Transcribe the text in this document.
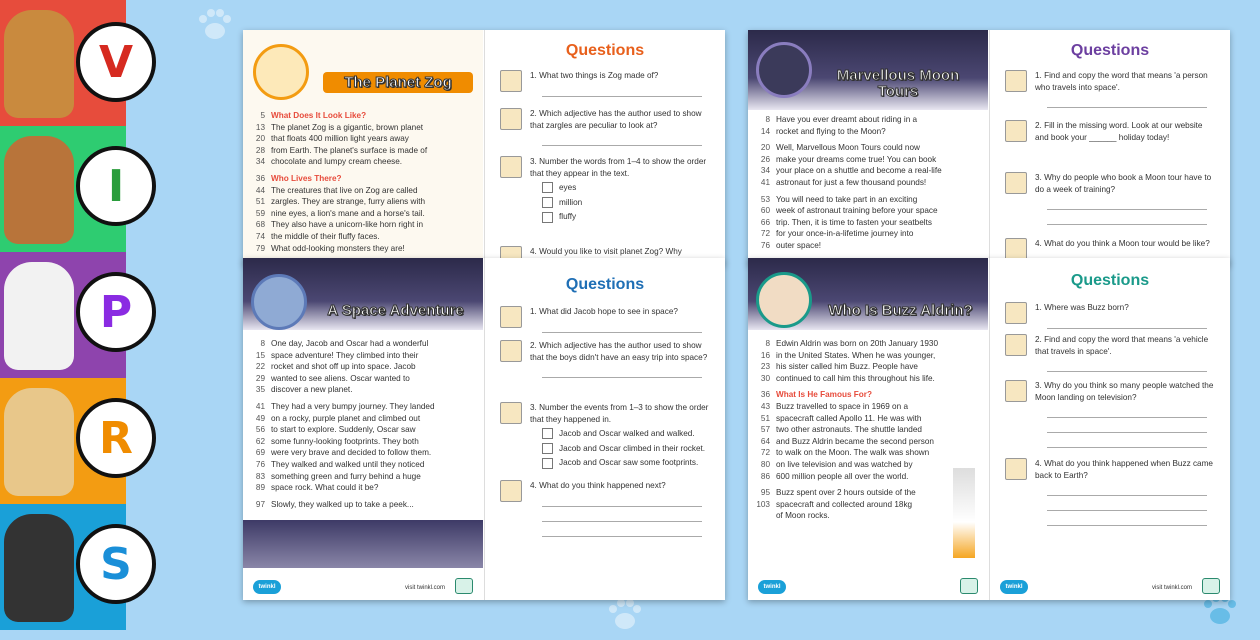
V
I
P
R
S
The Planet Zog
5 What Does It Look Like?
13 The planet Zog is a gigantic, brown planet
20 that floats 400 million light years away
28 from Earth. The planet's surface is made of
34 chocolate and lumpy cream cheese.
36 Who Lives There?
44 The creatures that live on Zog are called
51 zargles. They are strange, furry aliens with
59 nine eyes, a lion's mane and a horse's tail.
68 They also have a unicorn-like horn right in
74 the middle of their fluffy faces.
79 What odd-looking monsters they are!
Questions
1. What two things is Zog made of?
2. Which adjective has the author used to show that zargles are peculiar to look at?
3. Number the words from 1–4 to show the order that they appear in the text.
eyes
million
fluffy
4. Would you like to visit planet Zog? Why
Marvellous Moon Tours
8 Have you ever dreamt about riding in a
14 rocket and flying to the Moon?
20 Well, Marvellous Moon Tours could now
26 make your dreams come true! You can book
34 your place on a shuttle and become a real-life
41 astronaut for just a few thousand pounds!
53 You will need to take part in an exciting
60 week of astronaut training before your space
66 trip. Then, it is time to fasten your seatbelts
72 for your once-in-a-lifetime journey into
76 outer space!
Questions
1. Find and copy the word that means 'a person who travels into space'.
2. Fill in the missing word. Look at our website and book your ______ holiday today!
3. Why do people who book a Moon tour have to do a week of training?
4. What do you think a Moon tour would be like?
A Space Adventure
8 One day, Jacob and Oscar had a wonderful
15 space adventure! They climbed into their
22 rocket and shot off up into space. Jacob
29 wanted to see aliens. Oscar wanted to
35 discover a new planet.
41 They had a very bumpy journey. They landed
49 on a rocky, purple planet and climbed out
56 to start to explore. Suddenly, Oscar saw
62 some funny-looking footprints. They both
69 were very brave and decided to follow them.
76 They walked and walked until they noticed
83 something green and furry behind a huge
89 space rock. What could it be?
97 Slowly, they walked up to take a peek...
twinkl	visit twinkl.com
Questions
1. What did Jacob hope to see in space?
2. Which adjective has the author used to show that the boys didn't have an easy trip into space?
3. Number the events from 1–3 to show the order that they happened in.
Jacob and Oscar walked and walked.
Jacob and Oscar climbed in their rocket.
Jacob and Oscar saw some footprints.
4. What do you think happened next?
Who Is Buzz Aldrin?
8 Edwin Aldrin was born on 20th January 1930
16 in the United States. When he was younger,
23 his sister called him Buzz. People have
30 continued to call him this throughout his life.
36 What Is He Famous For?
43 Buzz travelled to space in 1969 on a
51 spacecraft called Apollo 11. He was with
57 two other astronauts. The shuttle landed
64 and Buzz Aldrin became the second person
72 to walk on the Moon. The walk was shown
80 on live television and was watched by
86 600 million people all over the world.
95 Buzz spent over 2 hours outside of the
103 spacecraft and collected around 18kg
of Moon rocks.
twinkl
Questions
1. Where was Buzz born?
2. Find and copy the word that means 'a vehicle that travels in space'.
3. Why do you think so many people watched the Moon landing on television?
4. What do you think happened when Buzz came back to Earth?
twinkl	visit twinkl.com
